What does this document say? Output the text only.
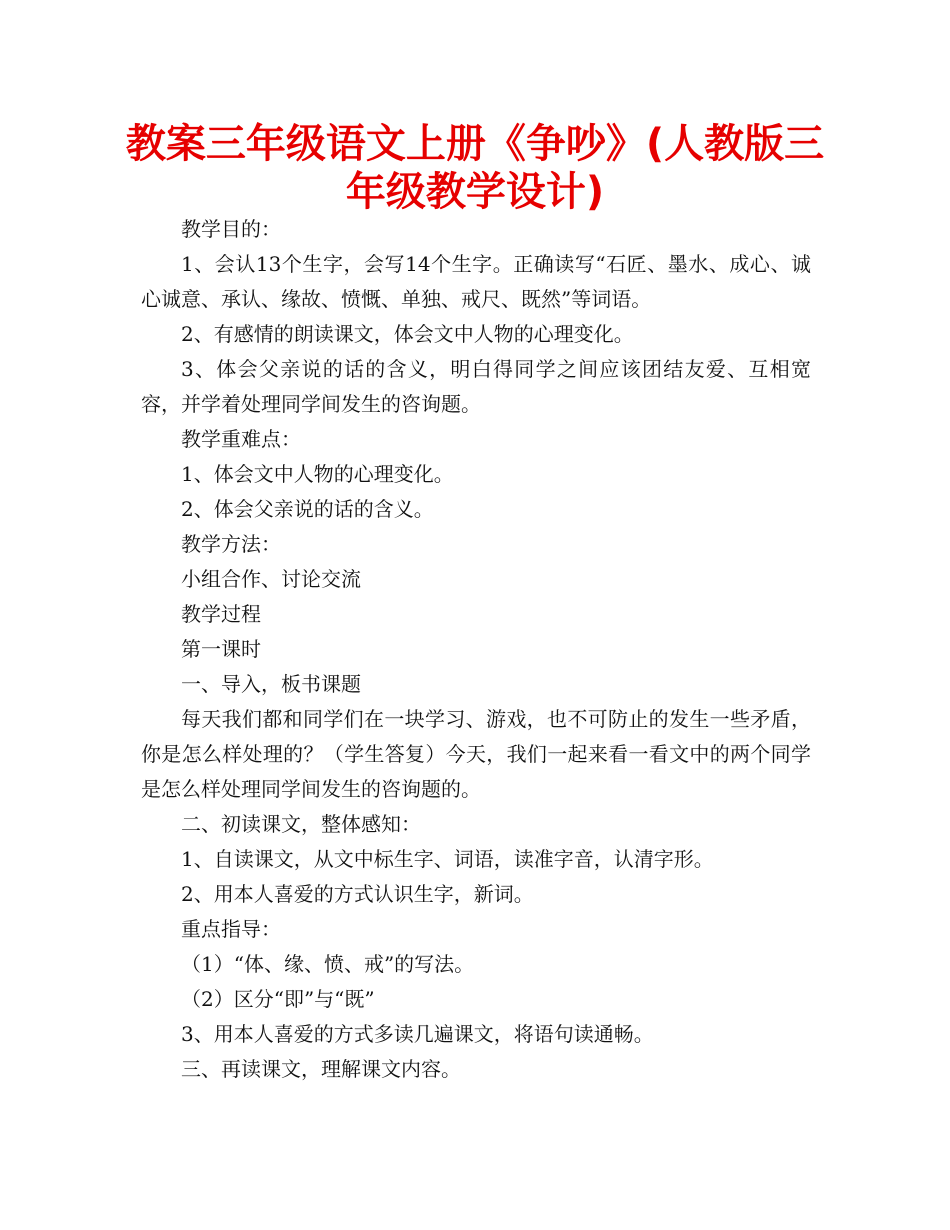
教案三年级语文上册《争吵》(人教版三年级教学设计)

教学目的：

1、会认13个生字，会写14个生字。正确读写“石匠、墨水、成心、诚心诚意、承认、缘故、愤慨、单独、戒尺、既然”等词语。

2、有感情的朗读课文，体会文中人物的心理变化。

3、体会父亲说的话的含义，明白得同学之间应该团结友爱、互相宽容，并学着处理同学间发生的咨询题。

教学重难点：

1、体会文中人物的心理变化。

2、体会父亲说的话的含义。

教学方法：

小组合作、讨论交流

教学过程

第一课时

一、导入，板书课题

每天我们都和同学们在一块学习、游戏，也不可防止的发生一些矛盾，你是怎么样处理的？（学生答复）今天，我们一起来看一看文中的两个同学是怎么样处理同学间发生的咨询题的。

二、初读课文，整体感知：

1、自读课文，从文中标生字、词语，读准字音，认清字形。

2、用本人喜爱的方式认识生字，新词。

重点指导：

（1）“体、缘、愤、戒”的写法。

（2）区分“即”与“既”

3、用本人喜爱的方式多读几遍课文，将语句读通畅。

三、再读课文，理解课文内容。
